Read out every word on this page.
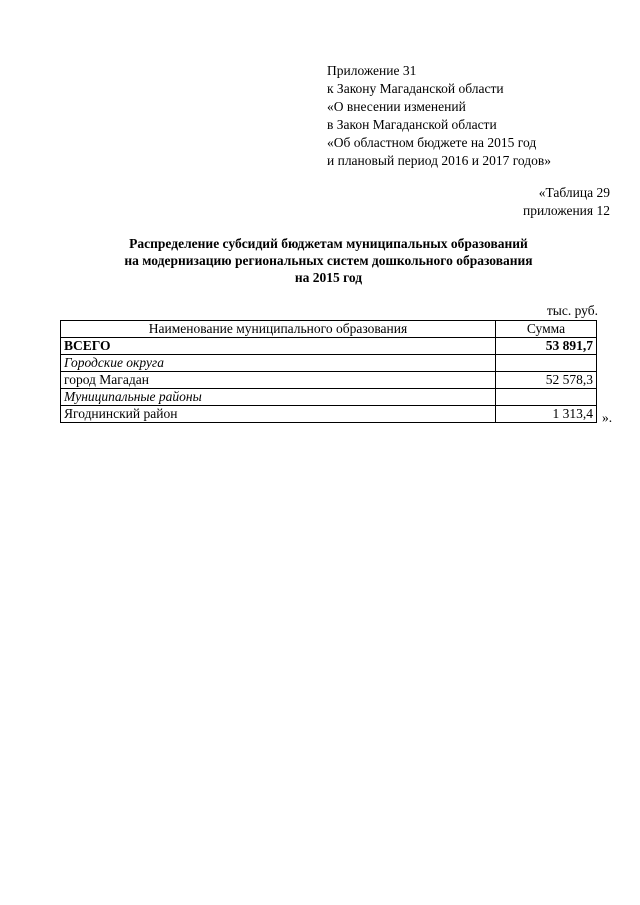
Приложение 31
к Закону Магаданской области
«О внесении изменений
в Закон Магаданской области
«Об областном бюджете на 2015 год
и плановый период 2016 и 2017 годов»
«Таблица 29
приложения 12
Распределение субсидий бюджетам муниципальных образований
на модернизацию региональных систем дошкольного образования
на 2015 год
тыс. руб.
Наименование муниципального образования	Сумма
ВСЕГО	53 891,7
Городские округа	
город Магадан	52 578,3
Муниципальные районы	
Ягоднинский район	1 313,4 ».
